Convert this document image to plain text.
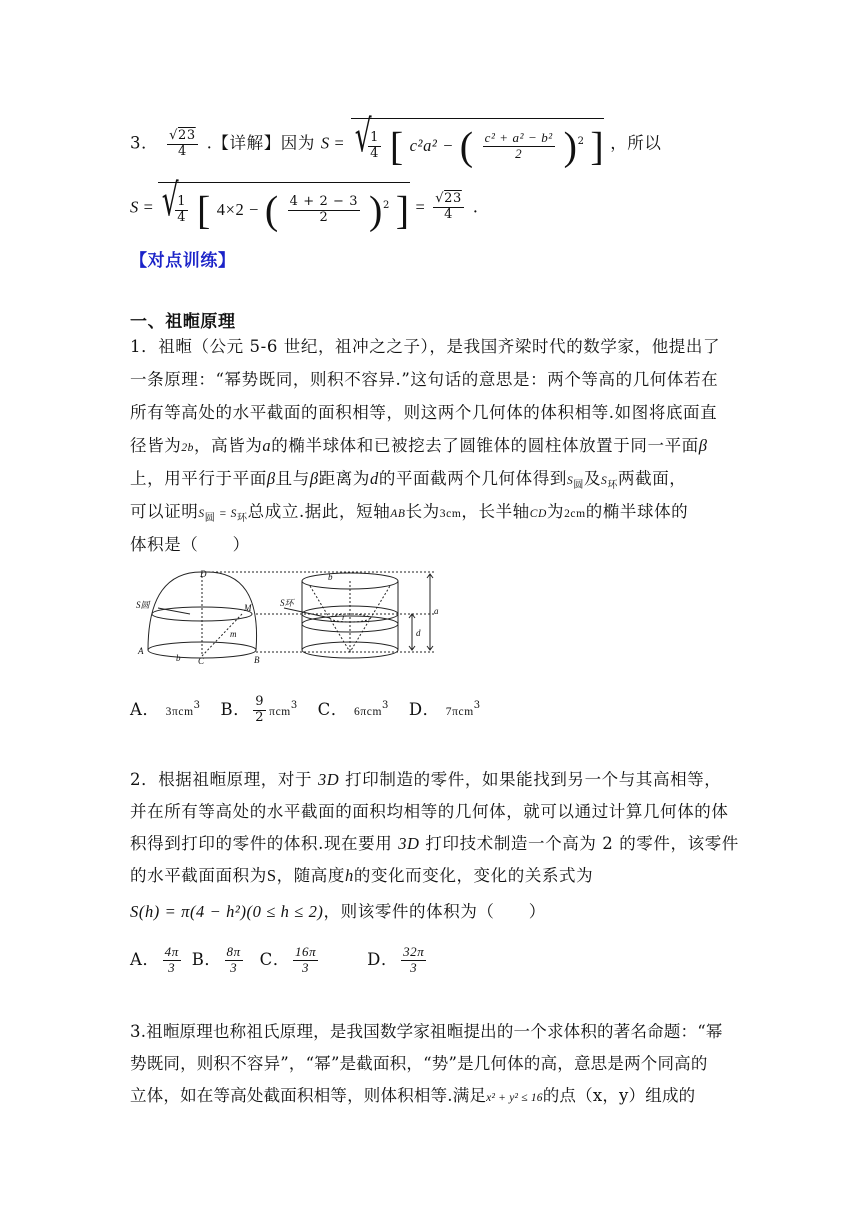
3． $\frac{√23}{4}$ .【详解】因为 S = √
$\frac{1}{4}$ [ c²a² − ( $\frac{\text{c² + a² − b²}}{2} )^2$ ] ，所以
S = √
$\frac{1}{4}$ [ 4×2 − ( $\frac{4 + 2 - 3}{2} )^2$ ] = $\frac{√23}{4}$ .
【对点训练】
一、祖暅原理
1．祖暅（公元 5-6 世纪，祖冲之之子），是我国齐梁时代的数学家，他提出了
一条原理：“幂势既同，则积不容异.”这句话的意思是：两个等高的几何体若在
所有等高处的水平截面的面积相等，则这两个几何体的体积相等.如图将底面直
径皆为2b，高皆为a的椭半球体和已被挖去了圆锥体的圆柱体放置于同一平面β
上，用平行于平面β且与β距离为d的平面截两个几何体得到$S_圆$及$S_环$两截面，
可以证明$S_圆 = S_环$总成立.据此，短轴AB长为3cm，长半轴CD为2cm的椭半球体的
体积是（　　）
D
M
S圆
m
A
b C	B
b
S环
r
d
a
A． 3πcm$^3$ B． $\frac{9}{2} \pi cm^3$ C． 6πcm$^3$ D． 7πcm$^3$
2．根据祖暅原理，对于 3D 打印制造的零件，如果能找到另一个与其高相等，
并在所有等高处的水平截面的面积均相等的几何体，就可以通过计算几何体的体
积得到打印的零件的体积.现在要用 3D 打印技术制造一个高为 2 的零件，该零件
的水平截面面积为S，随高度h的变化而变化，变化的关系式为
S(h) = π(4 − h²)(0 ≤ h ≤ 2)，则该零件的体积为（　　）
A． $\frac{4\pi}{3}$ B． $\frac{8\pi}{3}$ C． $\frac{16\pi}{3}$	D． $\frac{32\pi}{3}$
3.祖暅原理也称祖氏原理，是我国数学家祖暅提出的一个求体积的著名命题：“幂
势既同，则积不容异”，“幂”是截面积，“势”是几何体的高，意思是两个同高的
立体，如在等高处截面积相等，则体积相等.满足x² + y² ≤ 16的点（x，y）组成的
